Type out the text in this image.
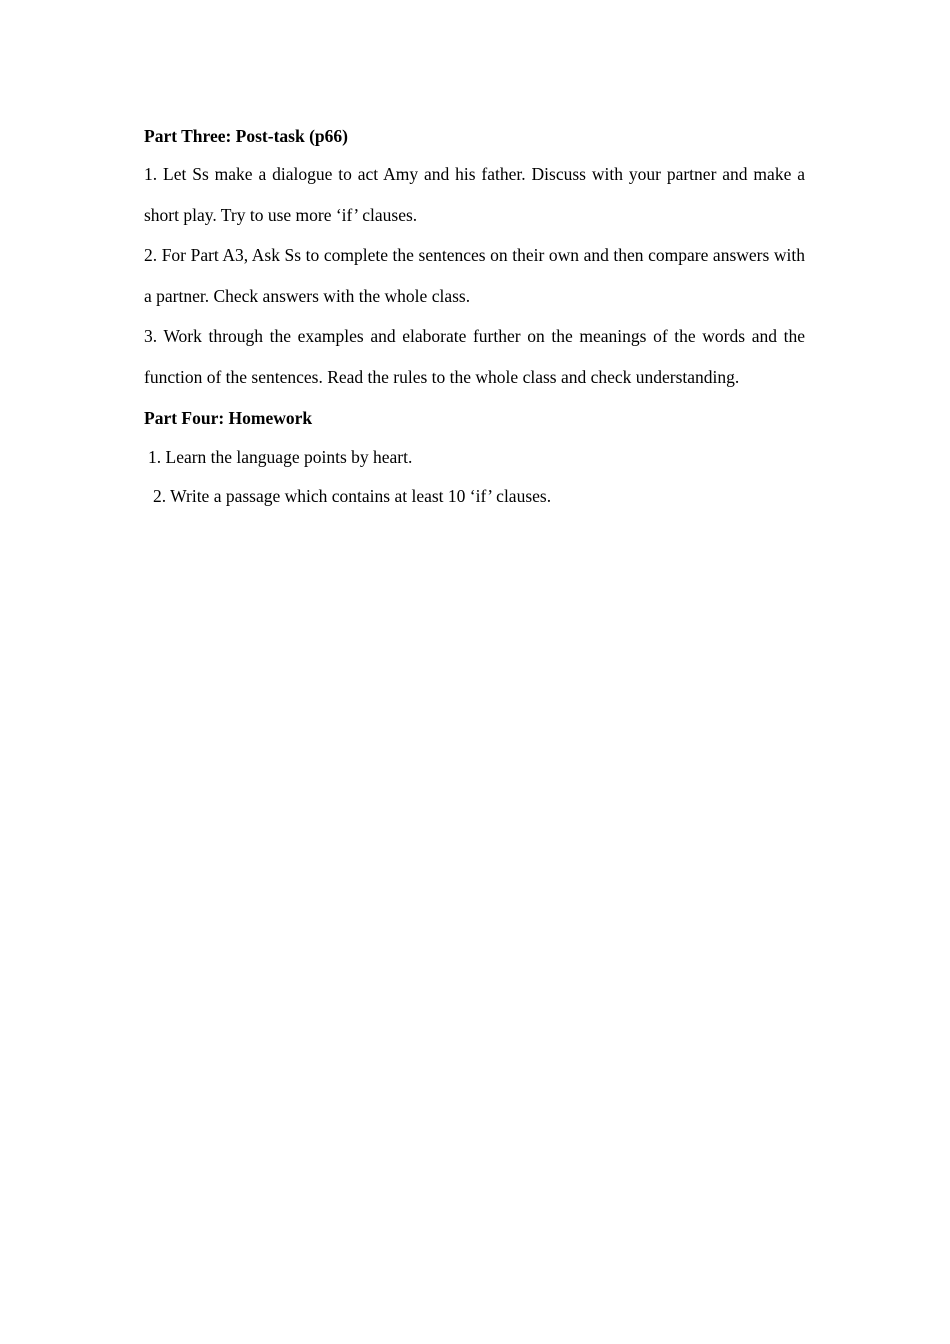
Part Three: Post-task (p66)

1. Let Ss make a dialogue to act Amy and his father. Discuss with your partner and make a short play. Try to use more ‘if’ clauses.

2. For Part A3, Ask Ss to complete the sentences on their own and then compare answers with a partner. Check answers with the whole class.

3. Work through the examples and elaborate further on the meanings of the words and the function of the sentences. Read the rules to the whole class and check understanding.

Part Four: Homework
1. Learn the language points by heart.
2. Write a passage which contains at least 10 ‘if’ clauses.
